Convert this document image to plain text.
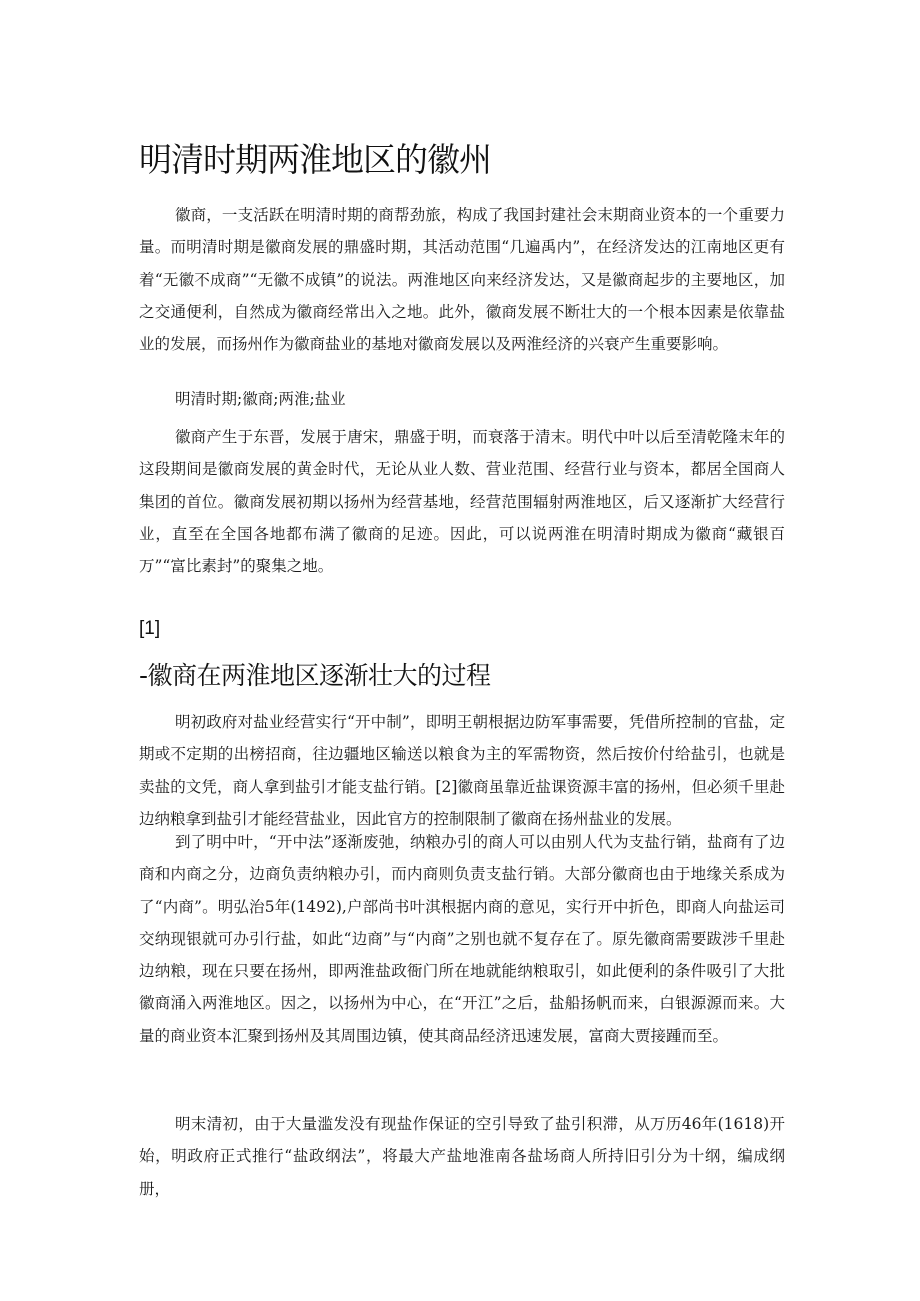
明清时期两淮地区的徽州

徽商，一支活跃在明清时期的商帮劲旅，构成了我国封建社会末期商业资本的一个重要力量。而明清时期是徽商发展的鼎盛时期，其活动范围“几遍禹内”，在经济发达的江南地区更有着“无徽不成商”“无徽不成镇”的说法。两淮地区向来经济发达，又是徽商起步的主要地区，加之交通便利，自然成为徽商经常出入之地。此外，徽商发展不断壮大的一个根本因素是依靠盐业的发展，而扬州作为徽商盐业的基地对徽商发展以及两淮经济的兴衰产生重要影响。

明清时期;徽商;两淮;盐业

徽商产生于东晋，发展于唐宋，鼎盛于明，而衰落于清末。明代中叶以后至清乾隆末年的这段期间是徽商发展的黄金时代，无论从业人数、营业范围、经营行业与资本，都居全国商人集团的首位。徽商发展初期以扬州为经营基地，经营范围辐射两淮地区，后又逐渐扩大经营行业，直至在全国各地都布满了徽商的足迹。因此，可以说两淮在明清时期成为徽商“藏银百万”“富比素封”的聚集之地。

[1]

-徽商在两淮地区逐渐壮大的过程

明初政府对盐业经营实行“开中制”，即明王朝根据边防军事需要，凭借所控制的官盐，定期或不定期的出榜招商，往边疆地区输送以粮食为主的军需物资，然后按价付给盐引，也就是卖盐的文凭，商人拿到盐引才能支盐行销。[2]徽商虽靠近盐课资源丰富的扬州，但必须千里赴边纳粮拿到盐引才能经营盐业，因此官方的控制限制了徽商在扬州盐业的发展。

到了明中叶，“开中法”逐渐废弛，纳粮办引的商人可以由别人代为支盐行销，盐商有了边商和内商之分，边商负责纳粮办引，而内商则负责支盐行销。大部分徽商也由于地缘关系成为了“内商”。明弘治5年(1492),户部尚书叶淇根据内商的意见，实行开中折色，即商人向盐运司交纳现银就可办引行盐，如此“边商”与“内商”之别也就不复存在了。原先徽商需要跋涉千里赴边纳粮，现在只要在扬州，即两淮盐政衙门所在地就能纳粮取引，如此便利的条件吸引了大批徽商涌入两淮地区。因之，以扬州为中心，在“开江”之后，盐船扬帆而来，白银源源而来。大量的商业资本汇聚到扬州及其周围边镇，使其商品经济迅速发展，富商大贾接踵而至。

明末清初，由于大量滥发没有现盐作保证的空引导致了盐引积滞，从万历46年(1618)开始，明政府正式推行“盐政纲法”，将最大产盐地淮南各盐场商人所持旧引分为十纲，编成纲册，
